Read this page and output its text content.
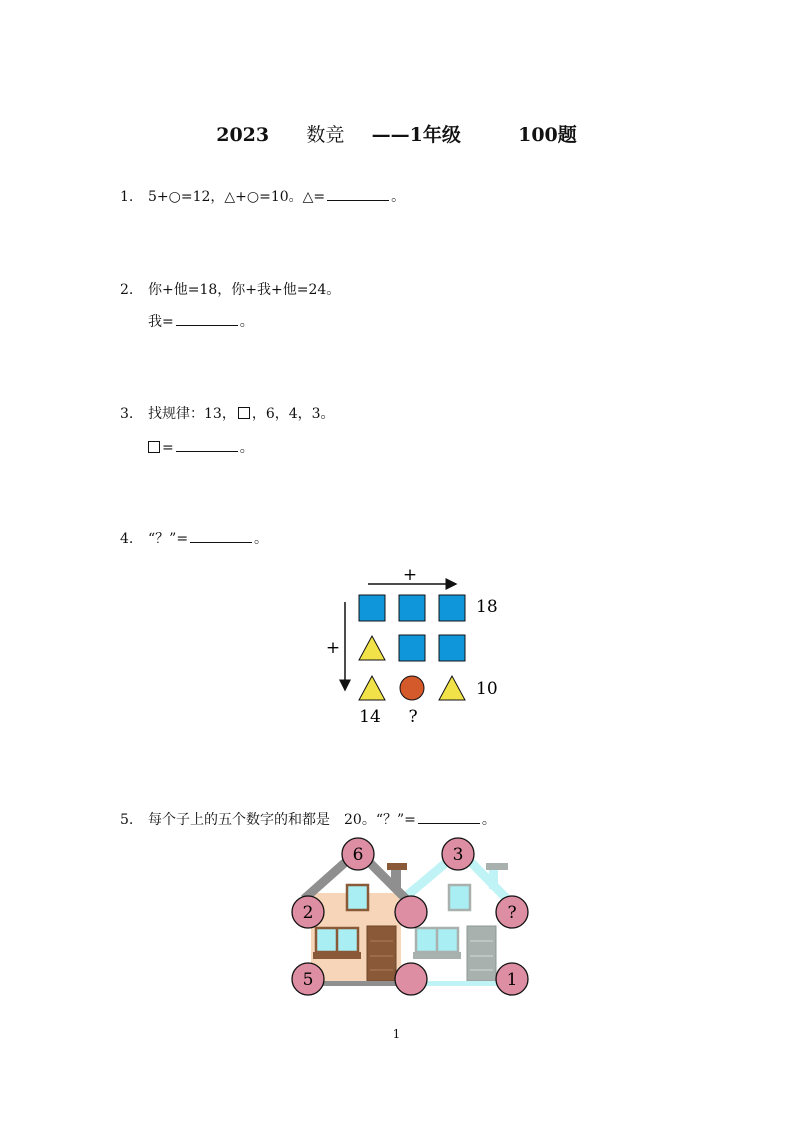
2023 数竞 ——1年级	100题
1. 5+○=12，△+○=10。△=	。
2. 你+他=18，你+我+他=24。
我=	。
3. 找规律：13， ，6，4，3。
=	。
4. “？”=	。
+
+
18
10
14 ?
5. 每个子上的五个数字的和都是　20。“？”=	。
6	3
2	?
5	1
1
